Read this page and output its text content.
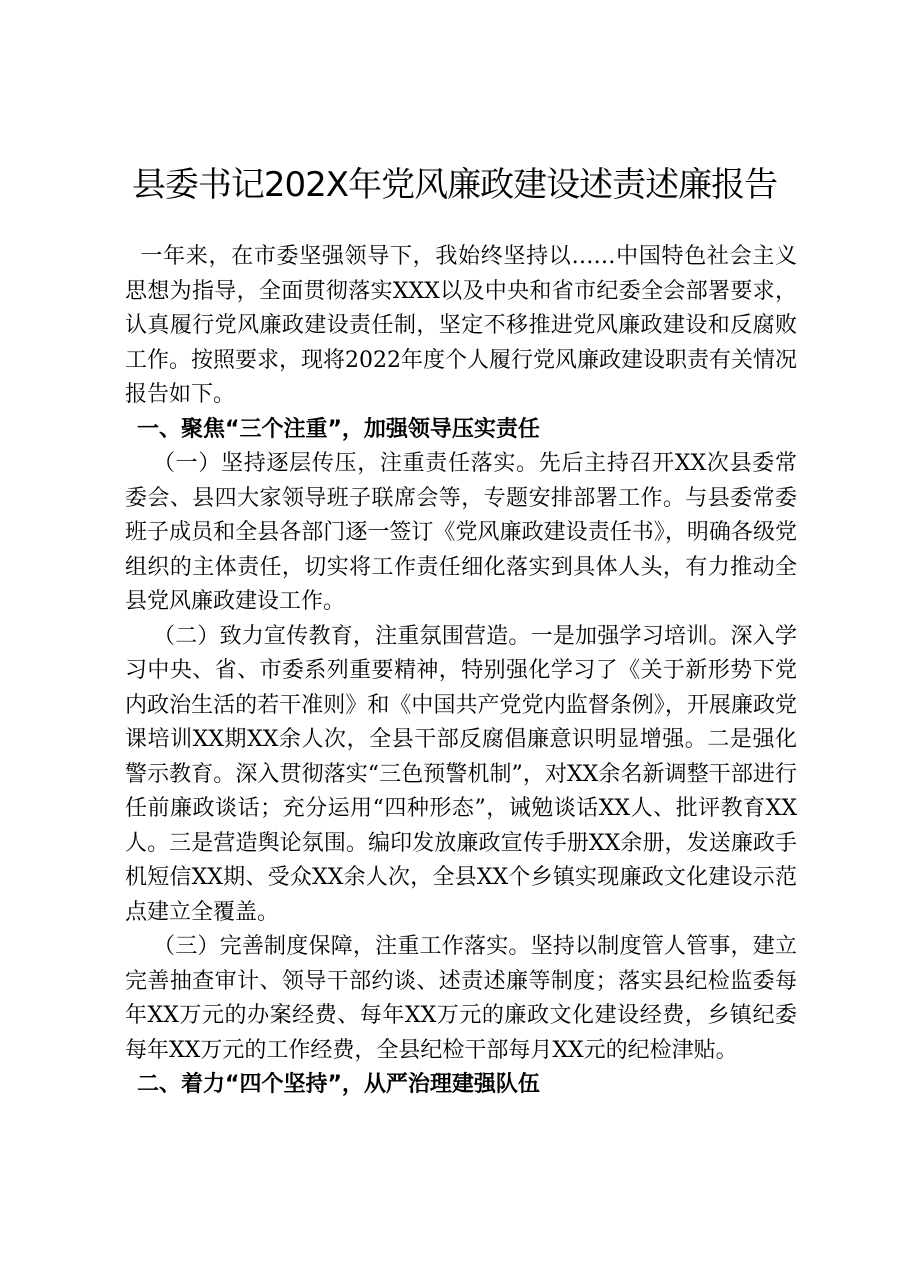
县委书记202X年党风廉政建设述责述廉报告

一年来，在市委坚强领导下，我始终坚持以……中国特色社会主义思想为指导，全面贯彻落实XXX以及中央和省市纪委全会部署要求，认真履行党风廉政建设责任制，坚定不移推进党风廉政建设和反腐败工作。按照要求，现将2022年度个人履行党风廉政建设职责有关情况报告如下。

一、聚焦“三个注重”，加强领导压实责任

（一）坚持逐层传压，注重责任落实。先后主持召开XX次县委常委会、县四大家领导班子联席会等，专题安排部署工作。与县委常委班子成员和全县各部门逐一签订《党风廉政建设责任书》，明确各级党组织的主体责任，切实将工作责任细化落实到具体人头，有力推动全县党风廉政建设工作。

（二）致力宣传教育，注重氛围营造。一是加强学习培训。深入学习中央、省、市委系列重要精神，特别强化学习了《关于新形势下党内政治生活的若干准则》和《中国共产党党内监督条例》，开展廉政党课培训XX期XX余人次，全县干部反腐倡廉意识明显增强。二是强化警示教育。深入贯彻落实“三色预警机制”，对XX余名新调整干部进行任前廉政谈话；充分运用“四种形态”，诫勉谈话XX人、批评教育XX人。三是营造舆论氛围。编印发放廉政宣传手册XX余册，发送廉政手机短信XX期、受众XX余人次，全县XX个乡镇实现廉政文化建设示范点建立全覆盖。

（三）完善制度保障，注重工作落实。坚持以制度管人管事，建立完善抽查审计、领导干部约谈、述责述廉等制度；落实县纪检监委每年XX万元的办案经费、每年XX万元的廉政文化建设经费，乡镇纪委每年XX万元的工作经费，全县纪检干部每月XX元的纪检津贴。

二、着力“四个坚持”，从严治理建强队伍
